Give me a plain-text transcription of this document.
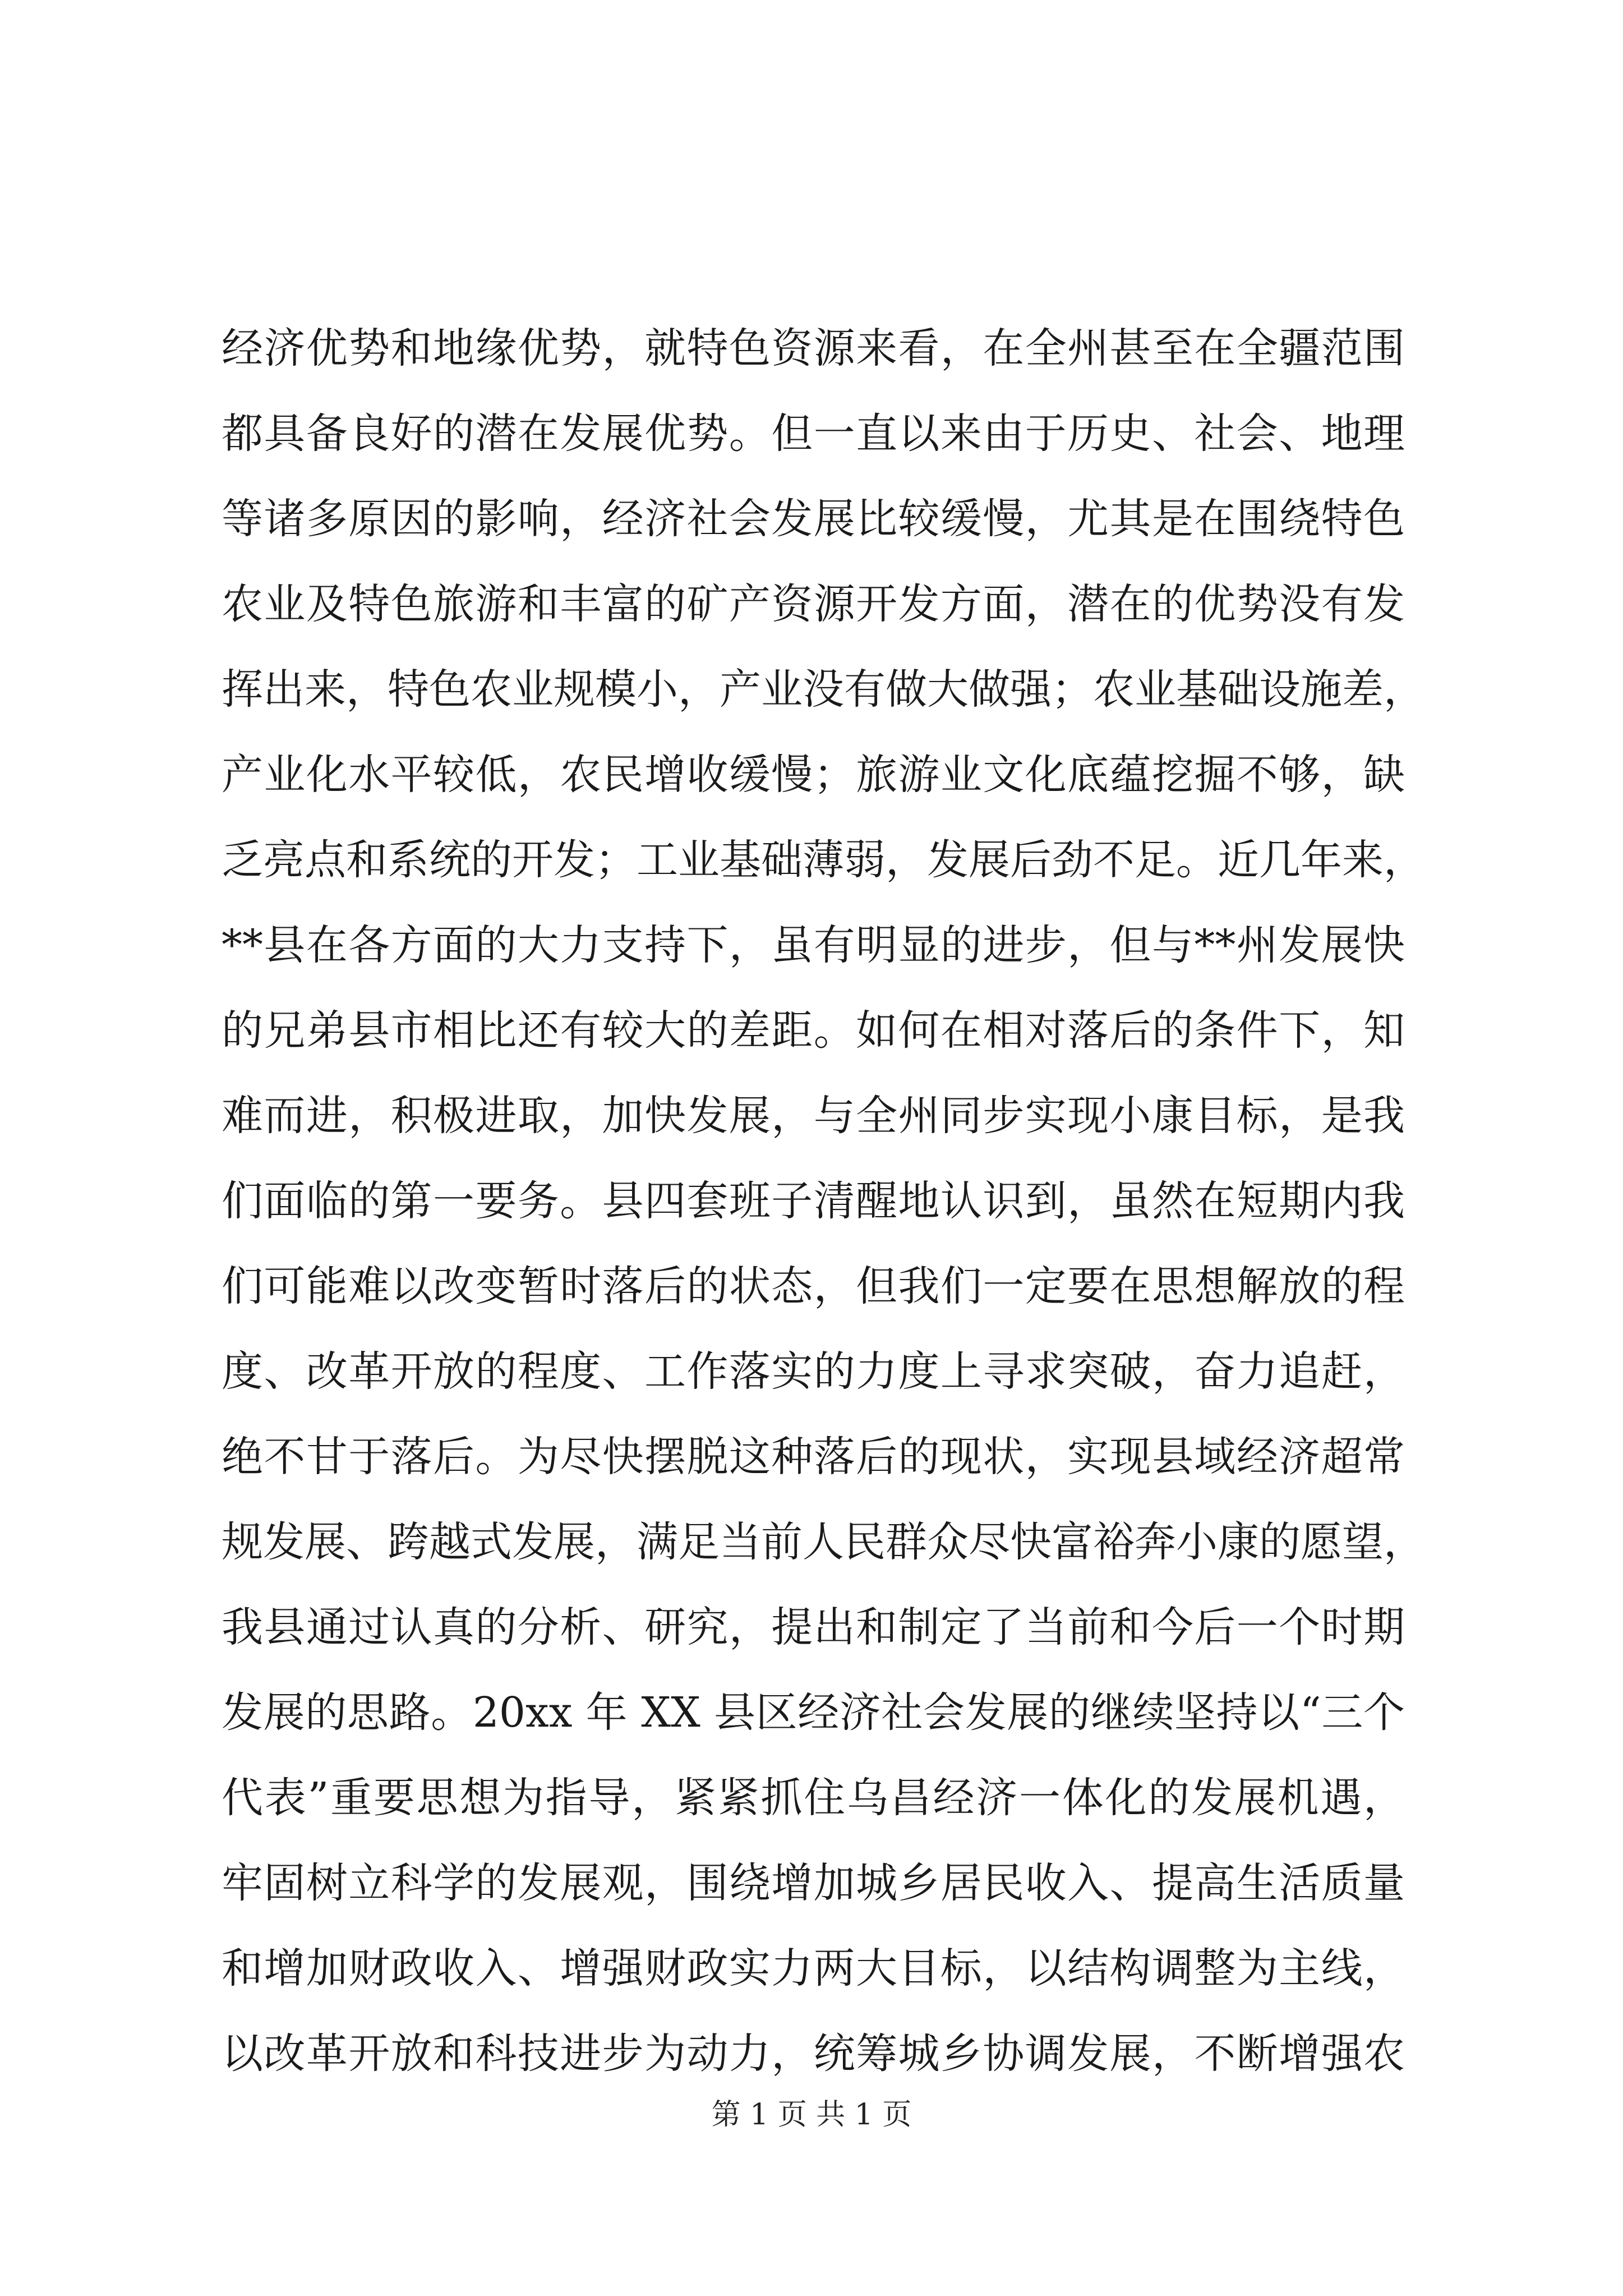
经济优势和地缘优势，就特色资源来看，在全州甚至在全疆范围
都具备良好的潜在发展优势。但一直以来由于历史、社会、地理
等诸多原因的影响，经济社会发展比较缓慢，尤其是在围绕特色
农业及特色旅游和丰富的矿产资源开发方面，潜在的优势没有发
挥出来，特色农业规模小，产业没有做大做强；农业基础设施差，
产业化水平较低，农民增收缓慢；旅游业文化底蕴挖掘不够，缺
乏亮点和系统的开发；工业基础薄弱，发展后劲不足。近几年来，
**县在各方面的大力支持下，虽有明显的进步，但与**州发展快
的兄弟县市相比还有较大的差距。如何在相对落后的条件下，知
难而进，积极进取，加快发展，与全州同步实现小康目标，是我
们面临的第一要务。县四套班子清醒地认识到，虽然在短期内我
们可能难以改变暂时落后的状态，但我们一定要在思想解放的程
度、改革开放的程度、工作落实的力度上寻求突破，奋力追赶，
绝不甘于落后。为尽快摆脱这种落后的现状，实现县域经济超常
规发展、跨越式发展，满足当前人民群众尽快富裕奔小康的愿望，
我县通过认真的分析、研究，提出和制定了当前和今后一个时期
发展的思路。20xx 年 XX 县区经济社会发展的继续坚持以“三个
代表”重要思想为指导，紧紧抓住乌昌经济一体化的发展机遇，
牢固树立科学的发展观，围绕增加城乡居民收入、提高生活质量
和增加财政收入、增强财政实力两大目标，以结构调整为主线，
以改革开放和科技进步为动力，统筹城乡协调发展，不断增强农
第 1 页 共 1 页
